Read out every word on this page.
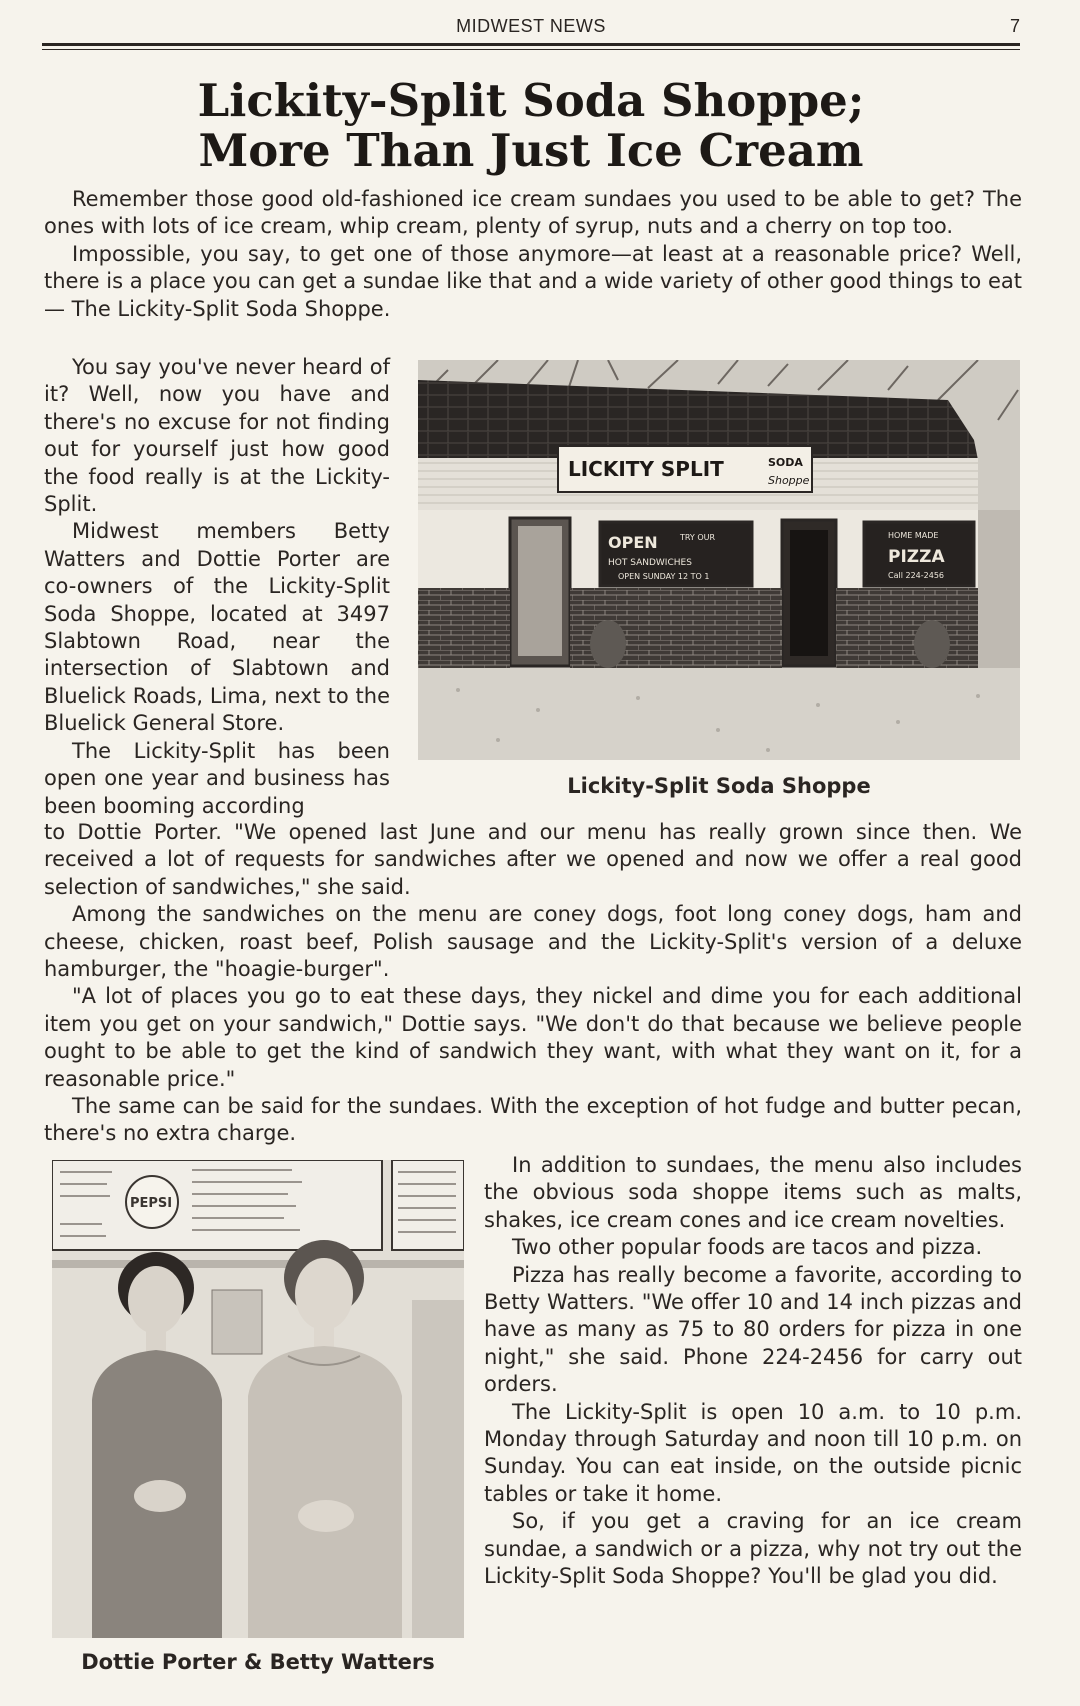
MIDWEST NEWS	7
Lickity-Split Soda Shoppe;
More Than Just Ice Cream

Remember those good old-fashioned ice cream sundaes you used to be able to get? The ones with lots of ice cream, whip cream, plenty of syrup, nuts and a cherry on top too.

Impossible, you say, to get one of those anymore—at least at a reasonable price? Well, there is a place you can get a sundae like that and a wide variety of other good things to eat — The Lickity-Split Soda Shoppe.

You say you've never heard of it? Well, now you have and there's no excuse for not finding out for yourself just how good the food really is at the Lickity-Split.

Midwest members Betty Watters and Dottie Porter are co-owners of the Lickity-Split Soda Shoppe, located at 3497 Slabtown Road, near the intersection of Slabtown and Bluelick Roads, Lima, next to the Bluelick General Store.

The Lickity-Split has been open one year and business has been booming according

LICKITY SPLIT	SODA
Shoppe
OPEN	TRY OUR
HOT SANDWICHES
OPEN SUNDAY 12 TO 1
HOME MADE
PIZZA
Call 224-2456
Lickity-Split Soda Shoppe

to Dottie Porter. "We opened last June and our menu has really grown since then. We received a lot of requests for sandwiches after we opened and now we offer a real good selection of sandwiches," she said.

Among the sandwiches on the menu are coney dogs, foot long coney dogs, ham and cheese, chicken, roast beef, Polish sausage and the Lickity-Split's version of a deluxe hamburger, the "hoagie-burger".

"A lot of places you go to eat these days, they nickel and dime you for each additional item you get on your sandwich," Dottie says. "We don't do that because we believe people ought to be able to get the kind of sandwich they want, with what they want on it, for a reasonable price."

The same can be said for the sundaes. With the exception of hot fudge and butter pecan, there's no extra charge.

PEPSI
Dottie Porter & Betty Watters

In addition to sundaes, the menu also includes the obvious soda shoppe items such as malts, shakes, ice cream cones and ice cream novelties.

Two other popular foods are tacos and pizza.

Pizza has really become a favorite, according to Betty Watters. "We offer 10 and 14 inch pizzas and have as many as 75 to 80 orders for pizza in one night," she said. Phone 224-2456 for carry out orders.

The Lickity-Split is open 10 a.m. to 10 p.m. Monday through Saturday and noon till 10 p.m. on Sunday. You can eat inside, on the outside picnic tables or take it home.

So, if you get a craving for an ice cream sundae, a sandwich or a pizza, why not try out the Lickity-Split Soda Shoppe? You'll be glad you did.
